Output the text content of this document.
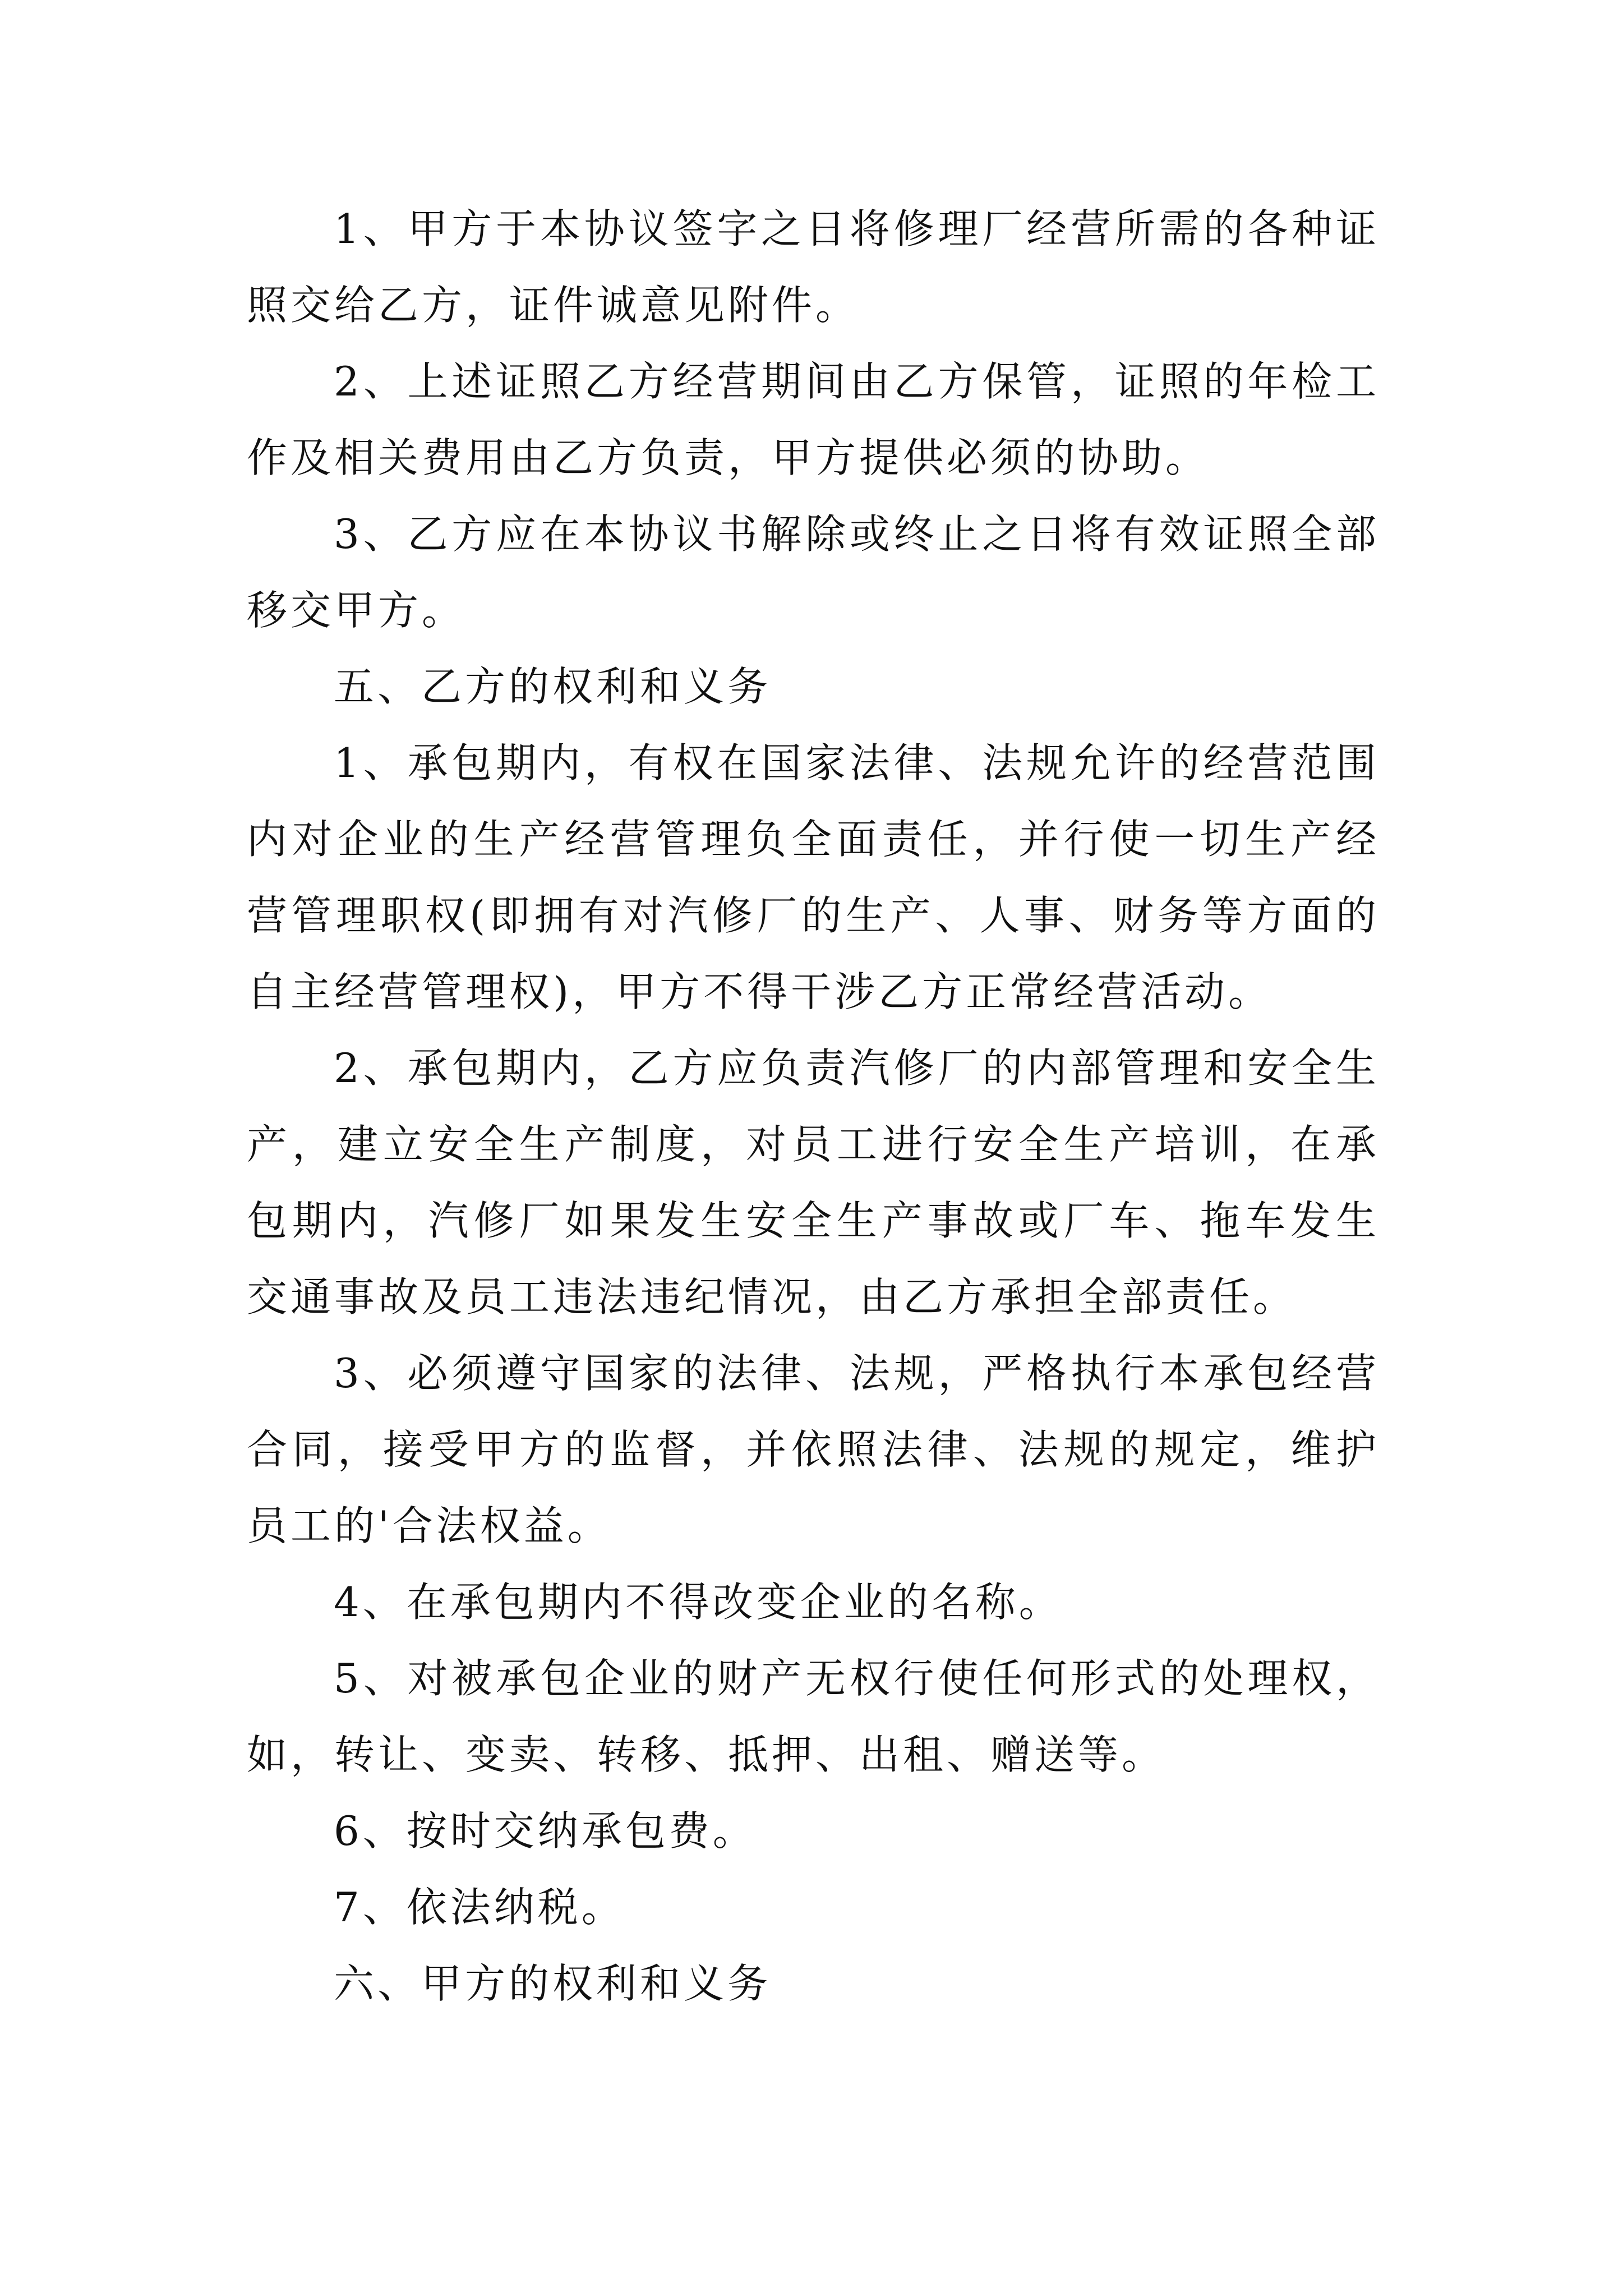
1、甲方于本协议签字之日将修理厂经营所需的各种证照交给乙方，证件诚意见附件。

2、上述证照乙方经营期间由乙方保管，证照的年检工作及相关费用由乙方负责，甲方提供必须的协助。

3、乙方应在本协议书解除或终止之日将有效证照全部移交甲方。

五、乙方的权利和义务

1、承包期内，有权在国家法律、法规允许的经营范围内对企业的生产经营管理负全面责任，并行使一切生产经营管理职权(即拥有对汽修厂的生产、人事、财务等方面的自主经营管理权)，甲方不得干涉乙方正常经营活动。

2、承包期内，乙方应负责汽修厂的内部管理和安全生产，建立安全生产制度，对员工进行安全生产培训，在承包期内，汽修厂如果发生安全生产事故或厂车、拖车发生交通事故及员工违法违纪情况，由乙方承担全部责任。

3、必须遵守国家的法律、法规，严格执行本承包经营合同，接受甲方的监督，并依照法律、法规的规定，维护员工的'合法权益。

4、在承包期内不得改变企业的名称。

5、对被承包企业的财产无权行使任何形式的处理权，如，转让、变卖、转移、抵押、出租、赠送等。

6、按时交纳承包费。

7、依法纳税。

六、甲方的权利和义务
